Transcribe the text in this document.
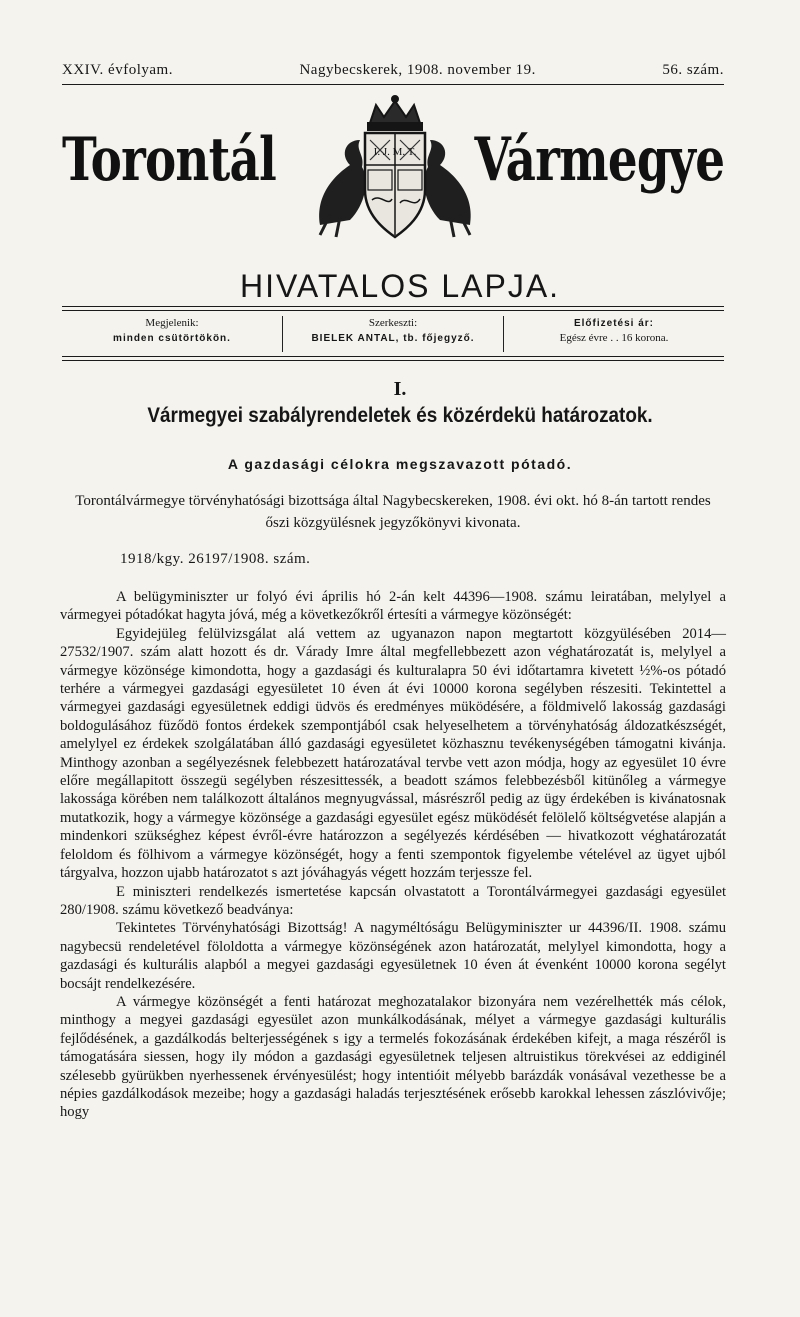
XXIV. évfolyam.	Nagybecskerek, 1908. november 19.	56. szám.
Torontál	Vármegye
I. J. M. T.
HIVATALOS LAPJA.
Megjelenik:
minden csütörtökön.
Szerkeszti:
BIELEK ANTAL, tb. főjegyző.
Előfizetési ár:
Egész évre . . 16 korona.
I.
Vármegyei szabályrendeletek és közérdekü határozatok.
A gazdasági célokra megszavazott pótadó.
Torontálvármegye törvényhatósági bizottsága által Nagybecskereken, 1908. évi okt. hó 8-án tartott rendes őszi közgyülésnek jegyzőkönyvi kivonata.
1918/kgy. 26197/1908. szám.

A belügyminiszter ur folyó évi április hó 2-án kelt 44396—1908. számu leiratában, melylyel a vármegyei pótadókat hagyta jóvá, még a következőkről értesíti a vármegye közönségét:

Egyidejüleg felülvizsgálat alá vettem az ugyanazon napon megtartott közgyülésében 2014—27532/1907. szám alatt hozott és dr. Várady Imre által megfellebbezett azon véghatározatát is, melylyel a vármegye közönsége kimondotta, hogy a gazdasági és kulturalapra 50 évi időtartamra kivetett ½%-os pótadó terhére a vármegyei gazdasági egyesületet 10 éven át évi 10000 korona segélyben részesiti. Tekintettel a vármegyei gazdasági egyesületnek eddigi üdvös és eredményes müködésére, a földmivelő lakosság gazdasági boldogulásához füződö fontos érdekek szempontjából csak helyeselhetem a törvényhatóság áldozatkészségét, amelylyel ez érdekek szolgálatában álló gazdasági egyesületet közhasznu tevékenységében támogatni kivánja. Minthogy azonban a segélyezésnek felebbezett határozatával tervbe vett azon módja, hogy az egyesület 10 évre előre megállapitott összegü segélyben részesittessék, a beadott számos felebbezésből kitünőleg a vármegye lakossága körében nem találkozott általános megnyugvással, másrészről pedig az ügy érdekében is kivánatosnak mutatkozik, hogy a vármegye közönsége a gazdasági egyesület egész müködését felölelő költségvetése alapján a mindenkori szükséghez képest évről-évre határozzon a segélyezés kérdésében — hivatkozott véghatározatát feloldom és fölhivom a vármegye közönségét, hogy a fenti szempontok figyelembe vételével az ügyet ujból tárgyalva, hozzon ujabb határozatot s azt jóváhagyás végett hozzám terjessze fel.

E miniszteri rendelkezés ismertetése kapcsán olvastatott a Torontálvármegyei gazdasági egyesület 280/1908. számu következő beadványa:

Tekintetes Törvényhatósági Bizottság! A nagyméltóságu Belügyminiszter ur 44396/II. 1908. számu nagybecsü rendeletével föloldotta a vármegye közönségének azon határozatát, melylyel kimondotta, hogy a gazdasági és kulturális alapból a megyei gazdasági egyesületnek 10 éven át évenként 10000 korona segélyt bocsájt rendelkezésére.

A vármegye közönségét a fenti határozat meghozatalakor bizonyára nem vezérelhették más célok, minthogy a megyei gazdasági egyesület azon munkálkodásának, mélyet a vármegye gazdasági kulturális fejlődésének, a gazdálkodás belterjességének s igy a termelés fokozásának érdekében kifejt, a maga részéről is támogatására siessen, hogy ily módon a gazdasági egyesületnek teljesen altruistikus törekvései az eddiginél szélesebb gyürükben nyerhessenek érvényesülést; hogy intentióit mélyebb barázdák vonásával vezethesse be a népies gazdálkodások mezeibe; hogy a gazdasági haladás terjesztésének erősebb karokkal lehessen zászlóvivője; hogy
